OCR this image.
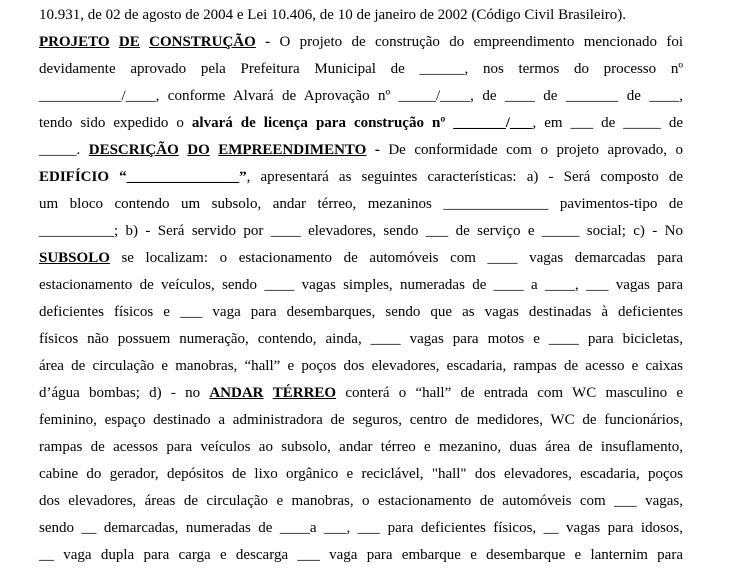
10.931, de 02 de agosto de 2004 e Lei 10.406, de 10 de janeiro de 2002 (Código Civil Brasileiro).
PROJETO DE CONSTRUÇÃO - O projeto de construção do empreendimento mencionado foi
devidamente aprovado pela Prefeitura Municipal de ______, nos termos do processo nº
___________/____, conforme Alvará de Aprovação nº _____/____, de ____ de _______ de ____,
tendo sido expedido o alvará de licença para construção nº _______/___, em ___ de _____ de
_____. DESCRIÇÃO DO EMPREENDIMENTO - De conformidade com o projeto aprovado, o
EDIFÍCIO “_______________”, apresentará as seguintes características: a) - Será composto de
um bloco contendo um subsolo, andar térreo, mezaninos ______________ pavimentos-tipo de
__________; b) - Será servido por ____ elevadores, sendo ___ de serviço e _____ social; c) - No
SUBSOLO se localizam: o estacionamento de automóveis com ____ vagas demarcadas para
estacionamento de veículos, sendo ____ vagas simples, numeradas de ____ a ____, ___ vagas para
deficientes físicos e ___ vaga para desembarques, sendo que as vagas destinadas à deficientes
físicos não possuem numeração, contendo, ainda, ____ vagas para motos e ____ para bicicletas,
área de circulação e manobras, “hall” e poços dos elevadores, escadaria, rampas de acesso e caixas
d’água bombas; d) - no ANDAR TÉRREO conterá o “hall” de entrada com WC masculino e
feminino, espaço destinado a administradora de seguros, centro de medidores, WC de funcionários,
rampas de acessos para veículos ao subsolo, andar térreo e mezanino, duas área de insuflamento,
cabine do gerador, depósitos de lixo orgânico e reciclável, "hall" dos elevadores, escadaria, poços
dos elevadores, áreas de circulação e manobras, o estacionamento de automóveis com ___ vagas,
sendo __ demarcadas, numeradas de ____a ___, ___ para deficientes físicos, __ vagas para idosos,
__ vaga dupla para carga e descarga ___ vaga para embarque e desembarque e lanternim para
